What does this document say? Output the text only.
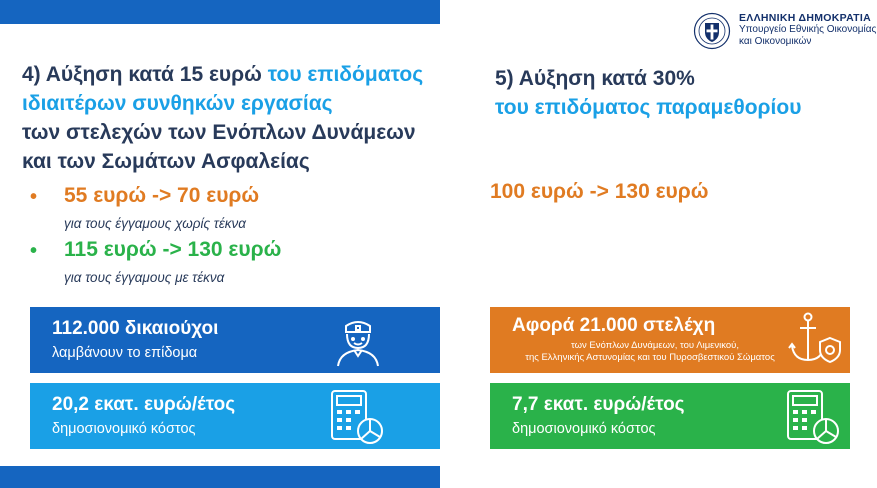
ΕΛΛΗΝΙΚΗ ΔΗΜΟΚΡΑΤΙΑ
Υπουργείο Εθνικής Οικονομίας
και Οικονομικών
4) Αύξηση κατά 15 ευρώ του επιδόματος
ιδιαιτέρων συνθηκών εργασίας
των στελεχών των Ενόπλων Δυνάμεων
και των Σωμάτων Ασφαλείας
• 55 ευρώ -> 70 ευρώ
για τους έγγαμους χωρίς τέκνα
• 115 ευρώ -> 130 ευρώ
για τους έγγαμους με τέκνα
5) Αύξηση κατά 30%
του επιδόματος παραμεθορίου
100 ευρώ -> 130 ευρώ
112.000 δικαιούχοι
λαμβάνουν το επίδομα
20,2 εκατ. ευρώ/έτος
δημοσιονομικό κόστος
Αφορά 21.000 στελέχη
των Ενόπλων Δυνάμεων, του Λιμενικού,
της Ελληνικής Αστυνομίας και του Πυροσβεστικού Σώματος
7,7 εκατ. ευρώ/έτος
δημοσιονομικό κόστος
